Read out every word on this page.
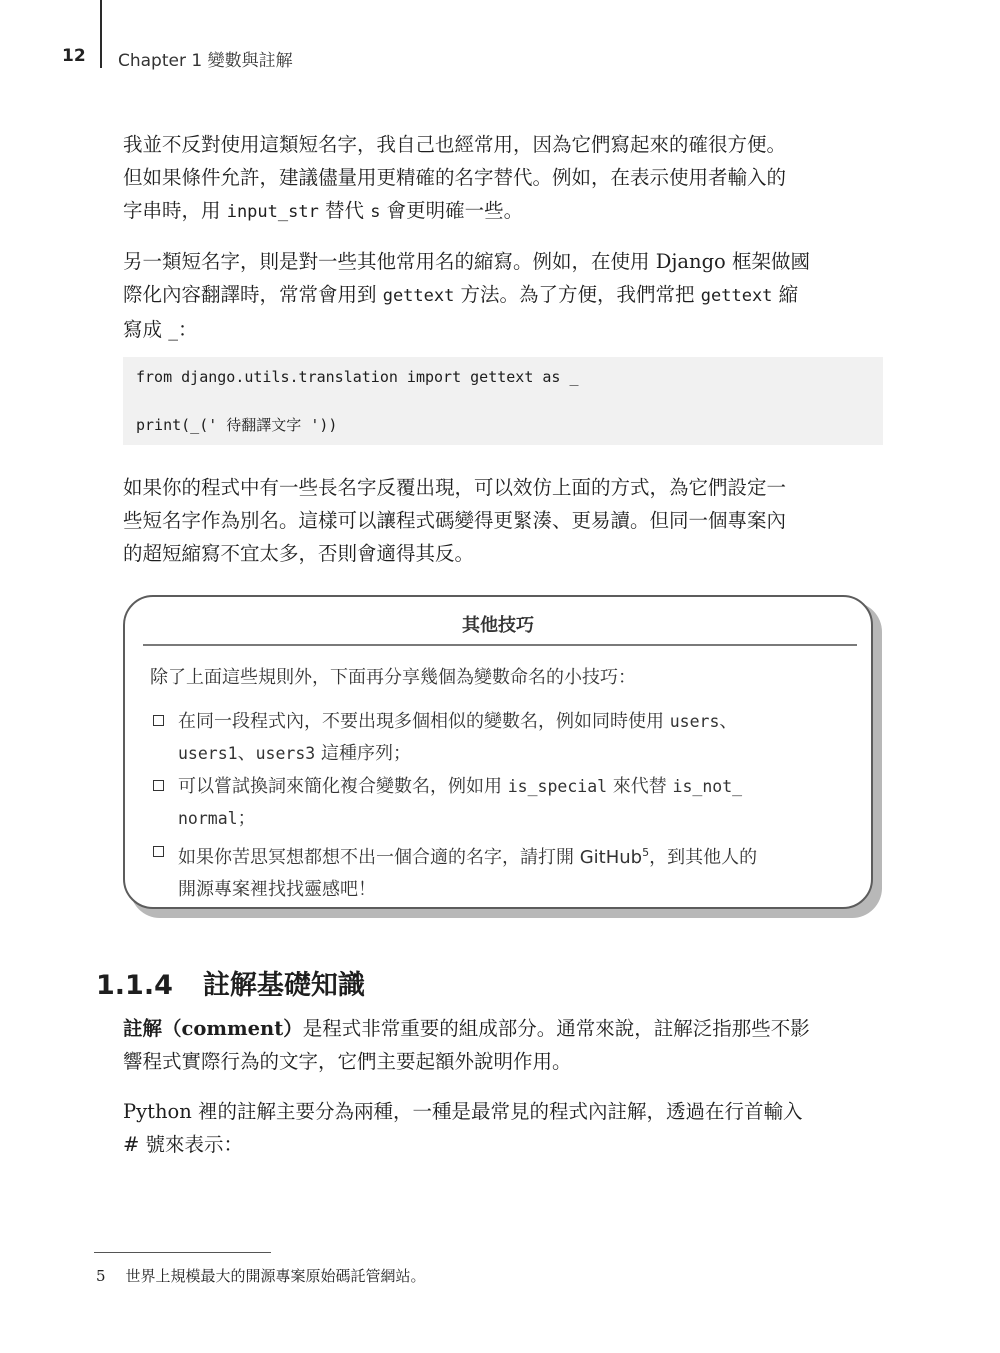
12 Chapter 1 變數與註解
我並不反對使用這類短名字，我自己也經常用，因為它們寫起來的確很方便。
但如果條件允許，建議儘量用更精確的名字替代。例如，在表示使用者輸入的
字串時，用 input_str 替代 s 會更明確一些。
另一類短名字，則是對一些其他常用名的縮寫。例如，在使用 Django 框架做國
際化內容翻譯時，常常會用到 gettext 方法。為了方便，我們常把 gettext 縮
寫成 _：
from django.utils.translation import gettext as _
print(_(' 待翻譯文字 '))
如果你的程式中有一些長名字反覆出現，可以效仿上面的方式，為它們設定一
些短名字作為別名。這樣可以讓程式碼變得更緊湊、更易讀。但同一個專案內
的超短縮寫不宜太多，否則會適得其反。
其他技巧
除了上面這些規則外，下面再分享幾個為變數命名的小技巧：
在同一段程式內，不要出現多個相似的變數名，例如同時使用 users、
users1、users3 這種序列；
可以嘗試換詞來簡化複合變數名，例如用 is_special 來代替 is_not_
normal；
如果你苦思冥想都想不出一個合適的名字，請打開 GitHub$^5$，到其他人的
開源專案裡找找靈感吧！
1.1.4 註解基礎知識
註解（comment）是程式非常重要的組成部分。通常來說，註解泛指那些不影
響程式實際行為的文字，它們主要起額外說明作用。
Python 裡的註解主要分為兩種，一種是最常見的程式內註解，透過在行首輸入
# 號來表示：
5 世界上規模最大的開源專案原始碼託管網站。
